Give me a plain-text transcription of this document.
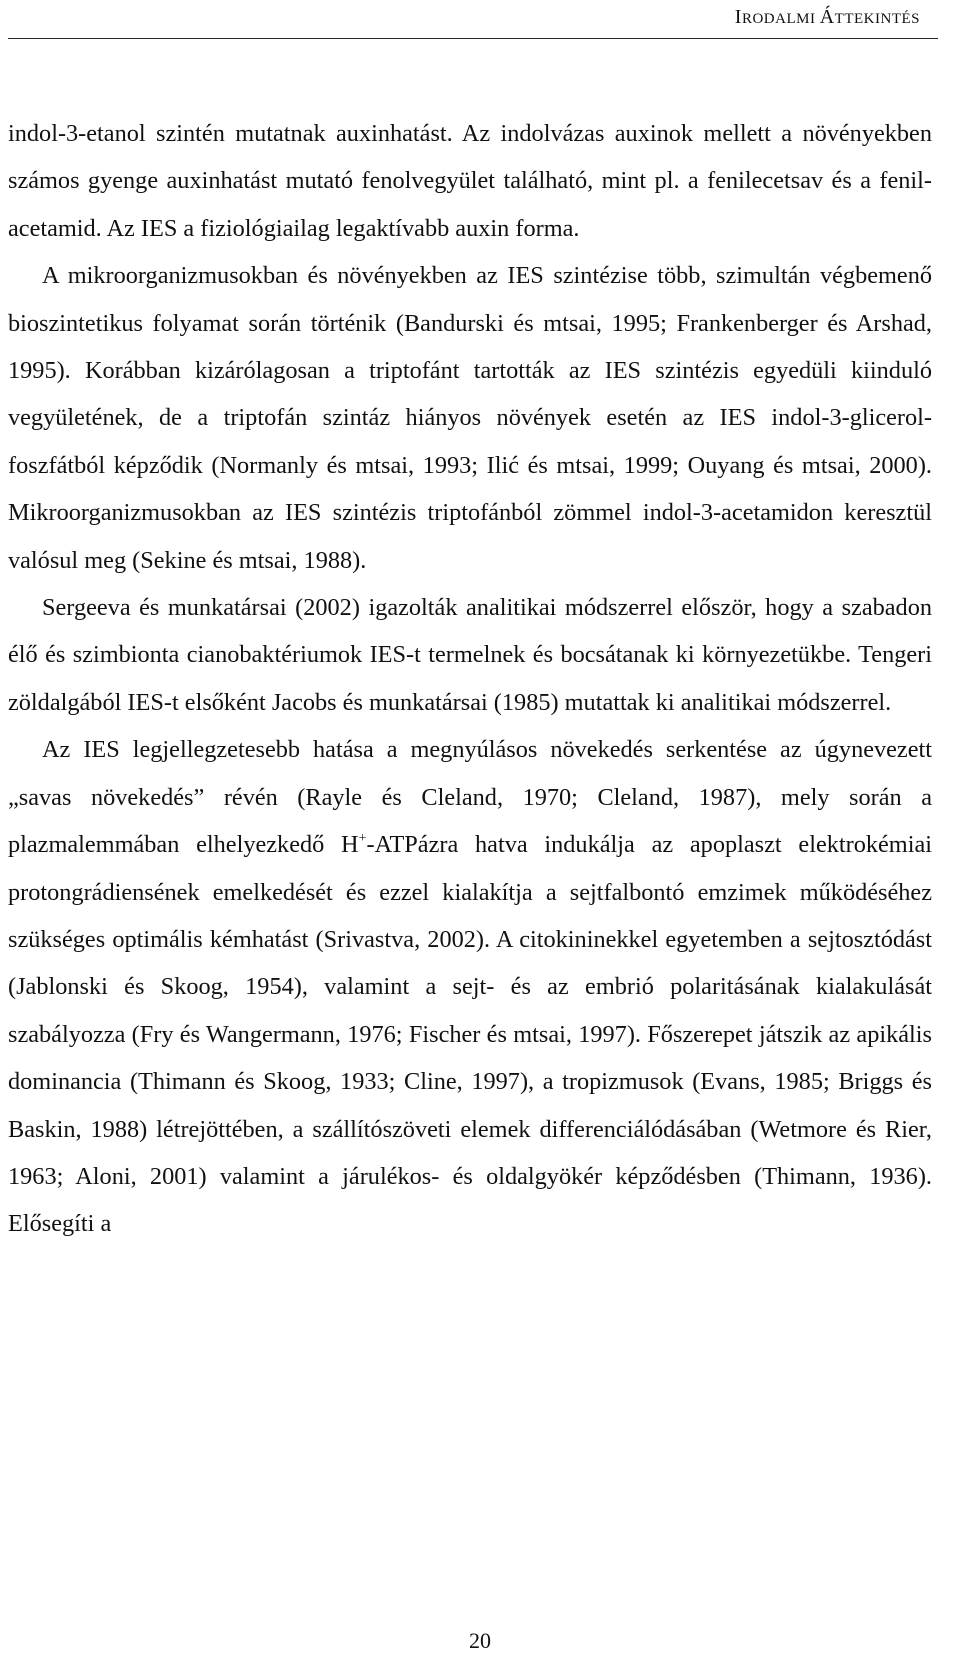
IRODALMI ÁTTEKINTÉS

indol-3-etanol szintén mutatnak auxinhatást. Az indolvázas auxinok mellett a növényekben számos gyenge auxinhatást mutató fenolvegyület található, mint pl. a fenilecetsav és a fenil-acetamid. Az IES a fiziológiailag legaktívabb auxin forma.

A mikroorganizmusokban és növényekben az IES szintézise több, szimultán végbemenő bioszintetikus folyamat során történik (Bandurski és mtsai, 1995; Frankenberger és Arshad, 1995). Korábban kizárólagosan a triptofánt tartották az IES szintézis egyedüli kiinduló vegyületének, de a triptofán szintáz hiányos növények esetén az IES indol-3-glicerol-foszfátból képződik (Normanly és mtsai, 1993; Ilić és mtsai, 1999; Ouyang és mtsai, 2000). Mikroorganizmusokban az IES szintézis triptofánból zömmel indol-3-acetamidon keresztül valósul meg (Sekine és mtsai, 1988).

Sergeeva és munkatársai (2002) igazolták analitikai módszerrel először, hogy a szabadon élő és szimbionta cianobaktériumok IES-t termelnek és bocsátanak ki környezetükbe. Tengeri zöldalgából IES-t elsőként Jacobs és munkatársai (1985) mutattak ki analitikai módszerrel.

Az IES legjellegzetesebb hatása a megnyúlásos növekedés serkentése az úgynevezett „savas növekedés” révén (Rayle és Cleland, 1970; Cleland, 1987), mely során a plazmalemmában elhelyezkedő H+-ATPázra hatva indukálja az apoplaszt elektrokémiai protongrádiensének emelkedését és ezzel kialakítja a sejtfalbontó emzimek működéséhez szükséges optimális kémhatást (Srivastva, 2002). A citokininekkel egyetemben a sejtosztódást (Jablonski és Skoog, 1954), valamint a sejt- és az embrió polaritásának kialakulását szabályozza (Fry és Wangermann, 1976; Fischer és mtsai, 1997). Főszerepet játszik az apikális dominancia (Thimann és Skoog, 1933; Cline, 1997), a tropizmusok (Evans, 1985; Briggs és Baskin, 1988) létrejöttében, a szállítószöveti elemek differenciálódásában (Wetmore és Rier, 1963; Aloni, 2001) valamint a járulékos- és oldalgyökér képződésben (Thimann, 1936). Elősegíti a

20
